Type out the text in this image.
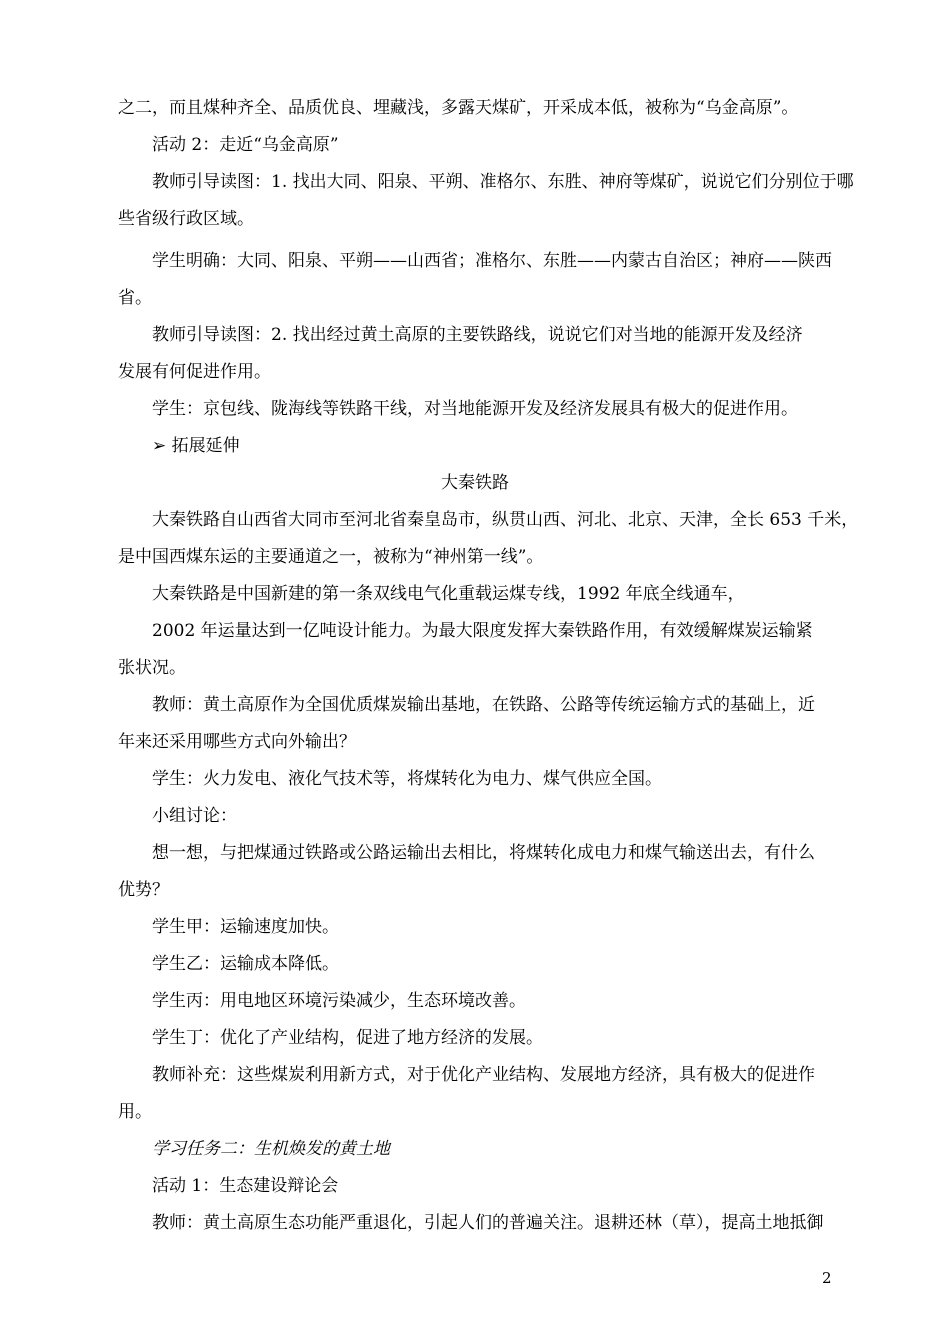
之二，而且煤种齐全、品质优良、埋藏浅，多露天煤矿，开采成本低，被称为“乌金高原”。
活动 2：走近“乌金高原”
教师引导读图：1. 找出大同、阳泉、平朔、准格尔、东胜、神府等煤矿，说说它们分别位于哪
些省级行政区域。
学生明确：大同、阳泉、平朔——山西省；准格尔、东胜——内蒙古自治区；神府——陕西
省。
教师引导读图：2. 找出经过黄土高原的主要铁路线，说说它们对当地的能源开发及经济
发展有何促进作用。
学生：京包线、陇海线等铁路干线，对当地能源开发及经济发展具有极大的促进作用。
➢ 拓展延伸
大秦铁路
大秦铁路自山西省大同市至河北省秦皇岛市，纵贯山西、河北、北京、天津，全长 653 千米，
是中国西煤东运的主要通道之一，被称为“神州第一线”。
大秦铁路是中国新建的第一条双线电气化重载运煤专线，1992 年底全线通车，
2002 年运量达到一亿吨设计能力。为最大限度发挥大秦铁路作用，有效缓解煤炭运输紧
张状况。
教师：黄土高原作为全国优质煤炭输出基地，在铁路、公路等传统运输方式的基础上，近
年来还采用哪些方式向外输出？
学生：火力发电、液化气技术等，将煤转化为电力、煤气供应全国。
小组讨论：
想一想，与把煤通过铁路或公路运输出去相比，将煤转化成电力和煤气输送出去，有什么
优势？
学生甲：运输速度加快。
学生乙：运输成本降低。
学生丙：用电地区环境污染减少，生态环境改善。
学生丁：优化了产业结构，促进了地方经济的发展。
教师补充：这些煤炭利用新方式，对于优化产业结构、发展地方经济，具有极大的促进作
用。
学习任务二：生机焕发的黄土地
活动 1：生态建设辩论会
教师：黄土高原生态功能严重退化，引起人们的普遍关注。退耕还林（草），提高土地抵御
2
